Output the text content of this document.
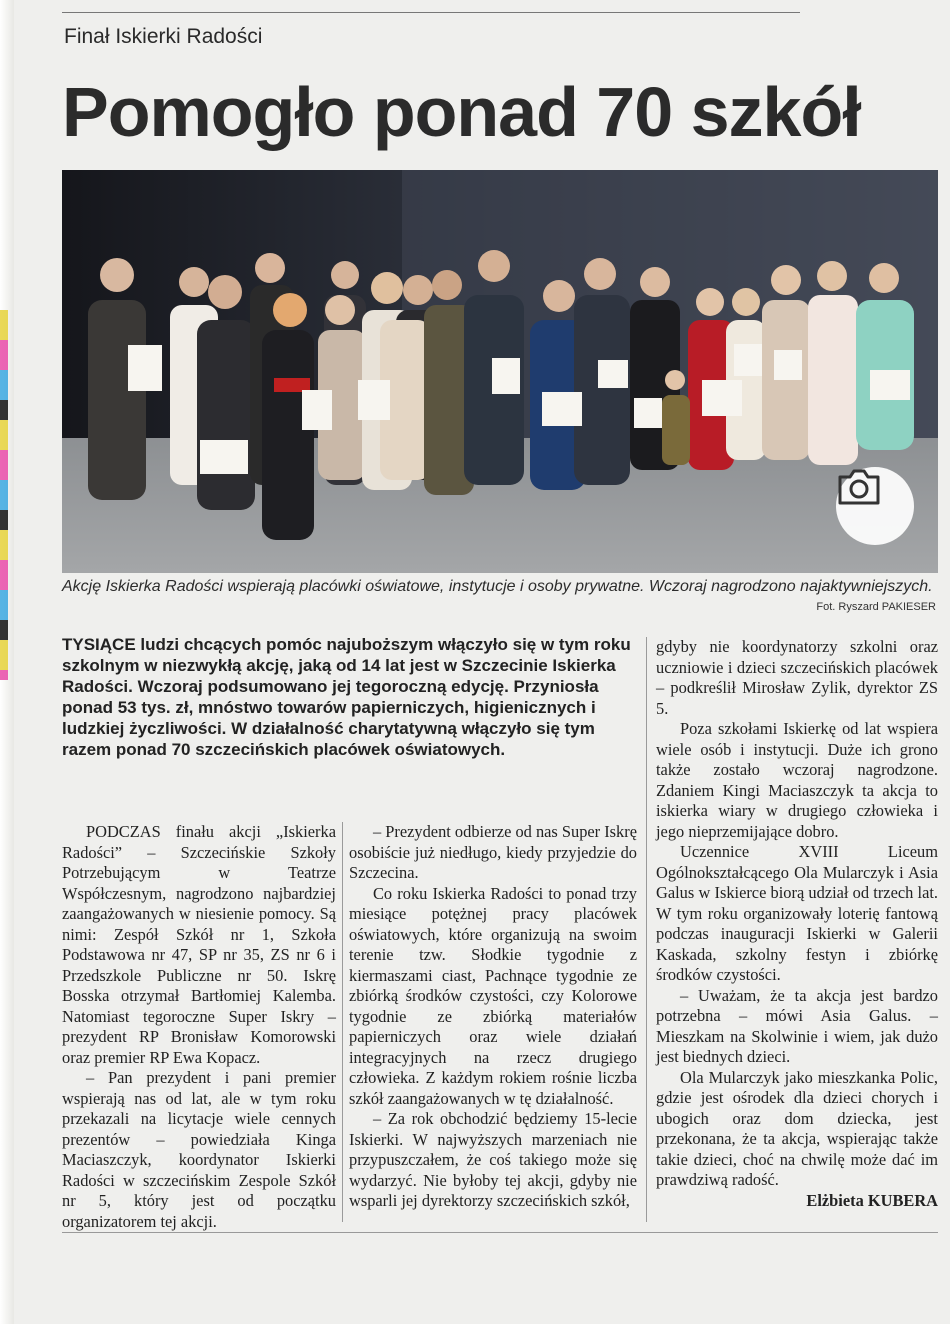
Finał Iskierki Radości
Pomogło ponad 70 szkół
Akcję Iskierka Radości wspierają placówki oświatowe, instytucje i osoby prywatne. Wczoraj nagrodzono najaktywniejszych.
Fot. Ryszard PAKIESER
TYSIĄCE ludzi chcących pomóc najuboższym włączyło się w tym roku szkolnym w niezwykłą akcję, jaką od 14 lat jest w Szczecinie Iskierka Radości. Wczoraj podsumowano jej tegoroczną edycję. Przyniosła ponad 53 tys. zł, mnóstwo towarów papierniczych, higienicznych i ludzkiej życzliwości. W działalność charytatywną włączyło się tym razem ponad 70 szczecińskich placówek oświatowych.

PODCZAS finału akcji „Iskierka Radości” – Szczecińskie Szkoły Potrzebującym w Teatrze Współczesnym, nagrodzono najbardziej zaangażowanych w niesienie pomocy. Są nimi: Zespół Szkół nr 1, Szkoła Podstawowa nr 47, SP nr 35, ZS nr 6 i Przedszkole Publiczne nr 50. Iskrę Bosska otrzymał Bartłomiej Kalemba. Natomiast tegoroczne Super Iskry – prezydent RP Bronisław Komorowski oraz premier RP Ewa Kopacz.

– Pan prezydent i pani premier wspierają nas od lat, ale w tym roku przekazali na licytacje wiele cennych prezentów – powiedziała Kinga Maciaszczyk, koordynator Iskierki Radości w szczecińskim Zespole Szkół nr 5, który jest od początku organizatorem tej akcji.

– Prezydent odbierze od nas Super Iskrę osobiście już niedługo, kiedy przyjedzie do Szczecina.

Co roku Iskierka Radości to ponad trzy miesiące potężnej pracy placówek oświatowych, które organizują na swoim terenie tzw. Słodkie tygodnie z kiermaszami ciast, Pachnące tygodnie ze zbiórką środków czystości, czy Kolorowe tygodnie ze zbiórką materiałów papierniczych oraz wiele działań integracyjnych na rzecz drugiego człowieka. Z każdym rokiem rośnie liczba szkół zaangażowanych w tę działalność.

– Za rok obchodzić będziemy 15-lecie Iskierki. W najwyższych marzeniach nie przypuszczałem, że coś takiego może się wydarzyć. Nie byłoby tej akcji, gdyby nie wsparli jej dyrektorzy szczecińskich szkół,

gdyby nie koordynatorzy szkolni oraz uczniowie i dzieci szczecińskich placówek – podkreślił Mirosław Zylik, dyrektor ZS 5.

Poza szkołami Iskierkę od lat wspiera wiele osób i instytucji. Duże ich grono także zostało wczoraj nagrodzone. Zdaniem Kingi Maciaszczyk ta akcja to iskierka wiary w drugiego człowieka i jego nieprzemijające dobro.

Uczennice XVIII Liceum Ogólnokształcącego Ola Mularczyk i Asia Galus w Iskierce biorą udział od trzech lat. W tym roku organizowały loterię fantową podczas inauguracji Iskierki w Galerii Kaskada, szkolny festyn i zbiórkę środków czystości.

– Uważam, że ta akcja jest bardzo potrzebna – mówi Asia Galus. – Mieszkam na Skolwinie i wiem, jak dużo jest biednych dzieci.

Ola Mularczyk jako mieszkanka Polic, gdzie jest ośrodek dla dzieci chorych i ubogich oraz dom dziecka, jest przekonana, że ta akcja, wspierając także takie dzieci, choć na chwilę może dać im prawdziwą radość.

Elżbieta KUBERA
